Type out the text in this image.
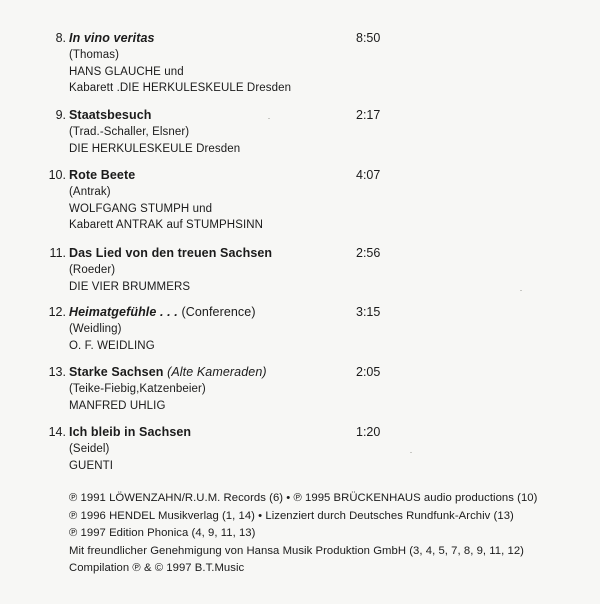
8. In vino veritas
(Thomas)
HANS GLAUCHE und
Kabarett .DIE HERKULESKEULE Dresden
8:50
9. Staatsbesuch
(Trad.-Schaller, Elsner)
DIE HERKULESKEULE Dresden
2:17
10. Rote Beete
(Antrak)
WOLFGANG STUMPH und
Kabarett ANTRAK auf STUMPHSINN
4:07
11. Das Lied von den treuen Sachsen
(Roeder)
DIE VIER BRUMMERS
2:56
12. Heimatgefühle . . . (Conference)
(Weidling)
O. F. WEIDLING
3:15
13. Starke Sachsen (Alte Kameraden)
(Teike-Fiebig,Katzenbeier)
MANFRED UHLIG
2:05
14. Ich bleib in Sachsen
(Seidel)
GUENTI
1:20
℗ 1991 LÖWENZAHN/R.U.M. Records (6) • ℗ 1995 BRÜCKENHAUS audio productions (10)
℗ 1996 HENDEL Musikverlag (1, 14) • Lizenziert durch Deutsches Rundfunk-Archiv (13)
℗ 1997 Edition Phonica (4, 9, 11, 13)
Mit freundlicher Genehmigung von Hansa Musik Produktion GmbH (3, 4, 5, 7, 8, 9, 11, 12)
Compilation ℗ & © 1997 B.T.Music
